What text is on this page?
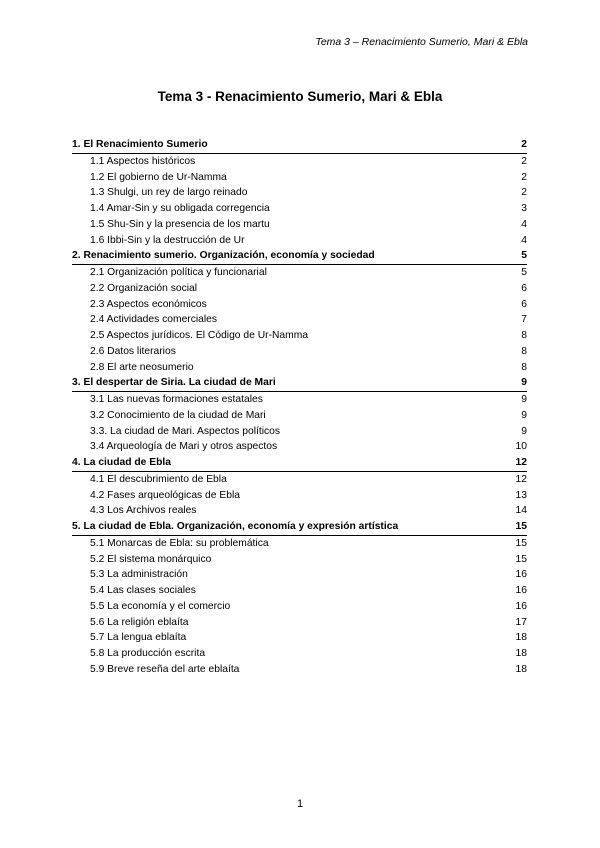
Tema 3 – Renacimiento Sumerio, Mari & Ebla
Tema 3 - Renacimiento Sumerio, Mari & Ebla
1. El Renacimiento Sumerio	2
1.1 Aspectos históricos	2
1.2 El gobierno de Ur-Namma	2
1.3 Shulgi, un rey de largo reinado	2
1.4 Amar-Sin y su obligada corregencia	3
1.5 Shu-Sin y la presencia de los martu	4
1.6 Ibbi-Sin y la destrucción de Ur	4
2. Renacimiento sumerio. Organización, economía y sociedad	5
2.1 Organización política y funcionarial	5
2.2 Organización social	6
2.3 Aspectos económicos	6
2.4 Actividades comerciales	7
2.5 Aspectos jurídicos. El Código de Ur-Namma	8
2.6 Datos literarios	8
2.8 El arte neosumerio	8
3. El despertar de Siria. La ciudad de Mari	9
3.1 Las nuevas formaciones estatales	9
3.2 Conocimiento de la ciudad de Mari	9
3.3. La ciudad de Mari. Aspectos políticos	9
3.4 Arqueología de Mari y otros aspectos	10
4. La ciudad de Ebla	12
4.1 El descubrimiento de Ebla	12
4.2 Fases arqueológicas de Ebla	13
4.3 Los Archivos reales	14
5. La ciudad de Ebla. Organización, economía y expresión artística	15
5.1 Monarcas de Ebla: su problemática	15
5.2 El sistema monárquico	15
5.3 La administración	16
5.4 Las clases sociales	16
5.5 La economía y el comercio	16
5.6 La religión eblaíta	17
5.7 La lengua eblaíta	18
5.8 La producción escrita	18
5.9 Breve reseña del arte eblaíta	18
1
